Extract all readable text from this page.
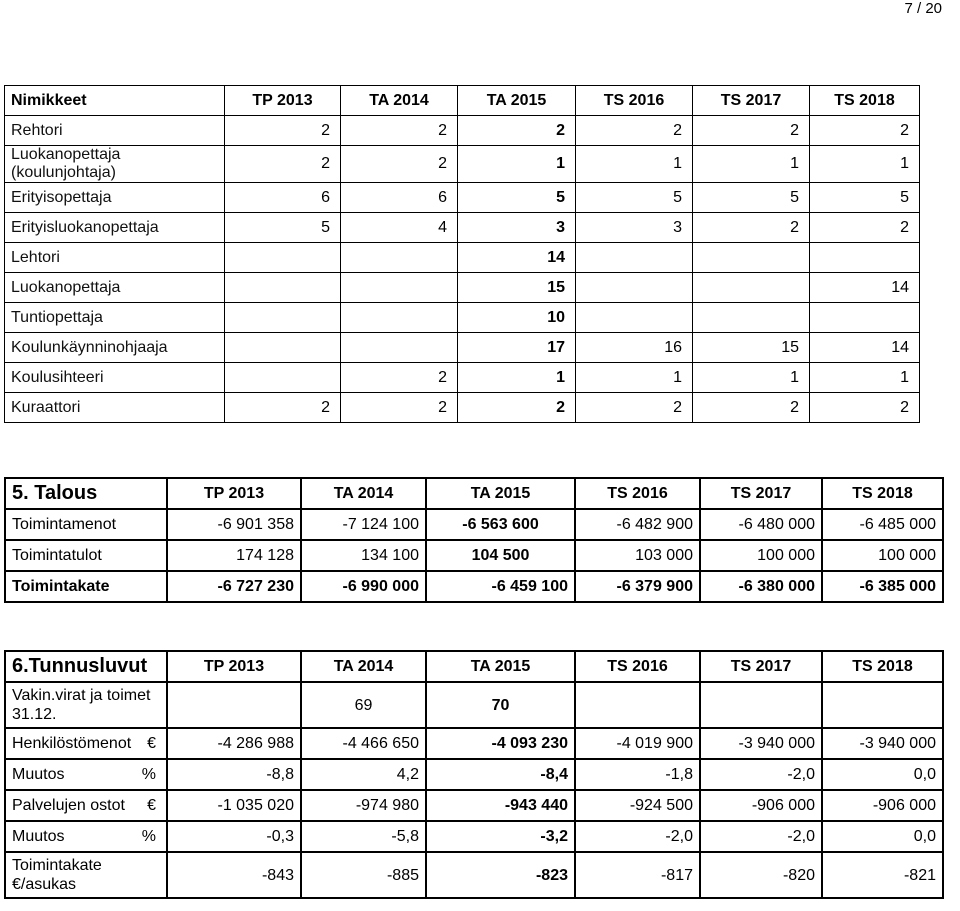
7 / 20
Nimikkeet	TP 2013	TA 2014	TA 2015	TS 2016	TS 2017	TS 2018
Rehtori	2	2	2	2	2	2
Luokanopettaja (koulunjohtaja)	2	2	1	1	1	1
Erityisopettaja	6	6	5	5	5	5
Erityisluokanopettaja	5	4	3	3	2	2
Lehtori			14			
Luokanopettaja			15			14
Tuntiopettaja			10			
Koulunkäynninohjaaja			17	16	15	14
Koulusihteeri		2	1	1	1	1
Kuraattori	2	2	2	2	2	2
5. Talous	TP 2013	TA 2014	TA 2015	TS 2016	TS 2017	TS 2018
Toimintamenot	-6 901 358	-7 124 100	-6 563 600	-6 482 900	-6 480 000	-6 485 000
Toimintatulot	174 128	134 100	104 500	103 000	100 000	100 000
Toimintakate	-6 727 230	-6 990 000	-6 459 100	-6 379 900	-6 380 000	-6 385 000
6.Tunnusluvut	TP 2013	TA 2014	TA 2015	TS 2016	TS 2017	TS 2018
Vakin.virat ja toimet 31.12.		69	70			
Henkilöstömenot €	-4 286 988	-4 466 650	-4 093 230	-4 019 900	-3 940 000	-3 940 000
Muutos %	-8,8	4,2	-8,4	-1,8	-2,0	0,0
Palvelujen ostot €	-1 035 020	-974 980	-943 440	-924 500	-906 000	-906 000
Muutos %	-0,3	-5,8	-3,2	-2,0	-2,0	0,0
Toimintakate €/asukas	-843	-885	-823	-817	-820	-821
